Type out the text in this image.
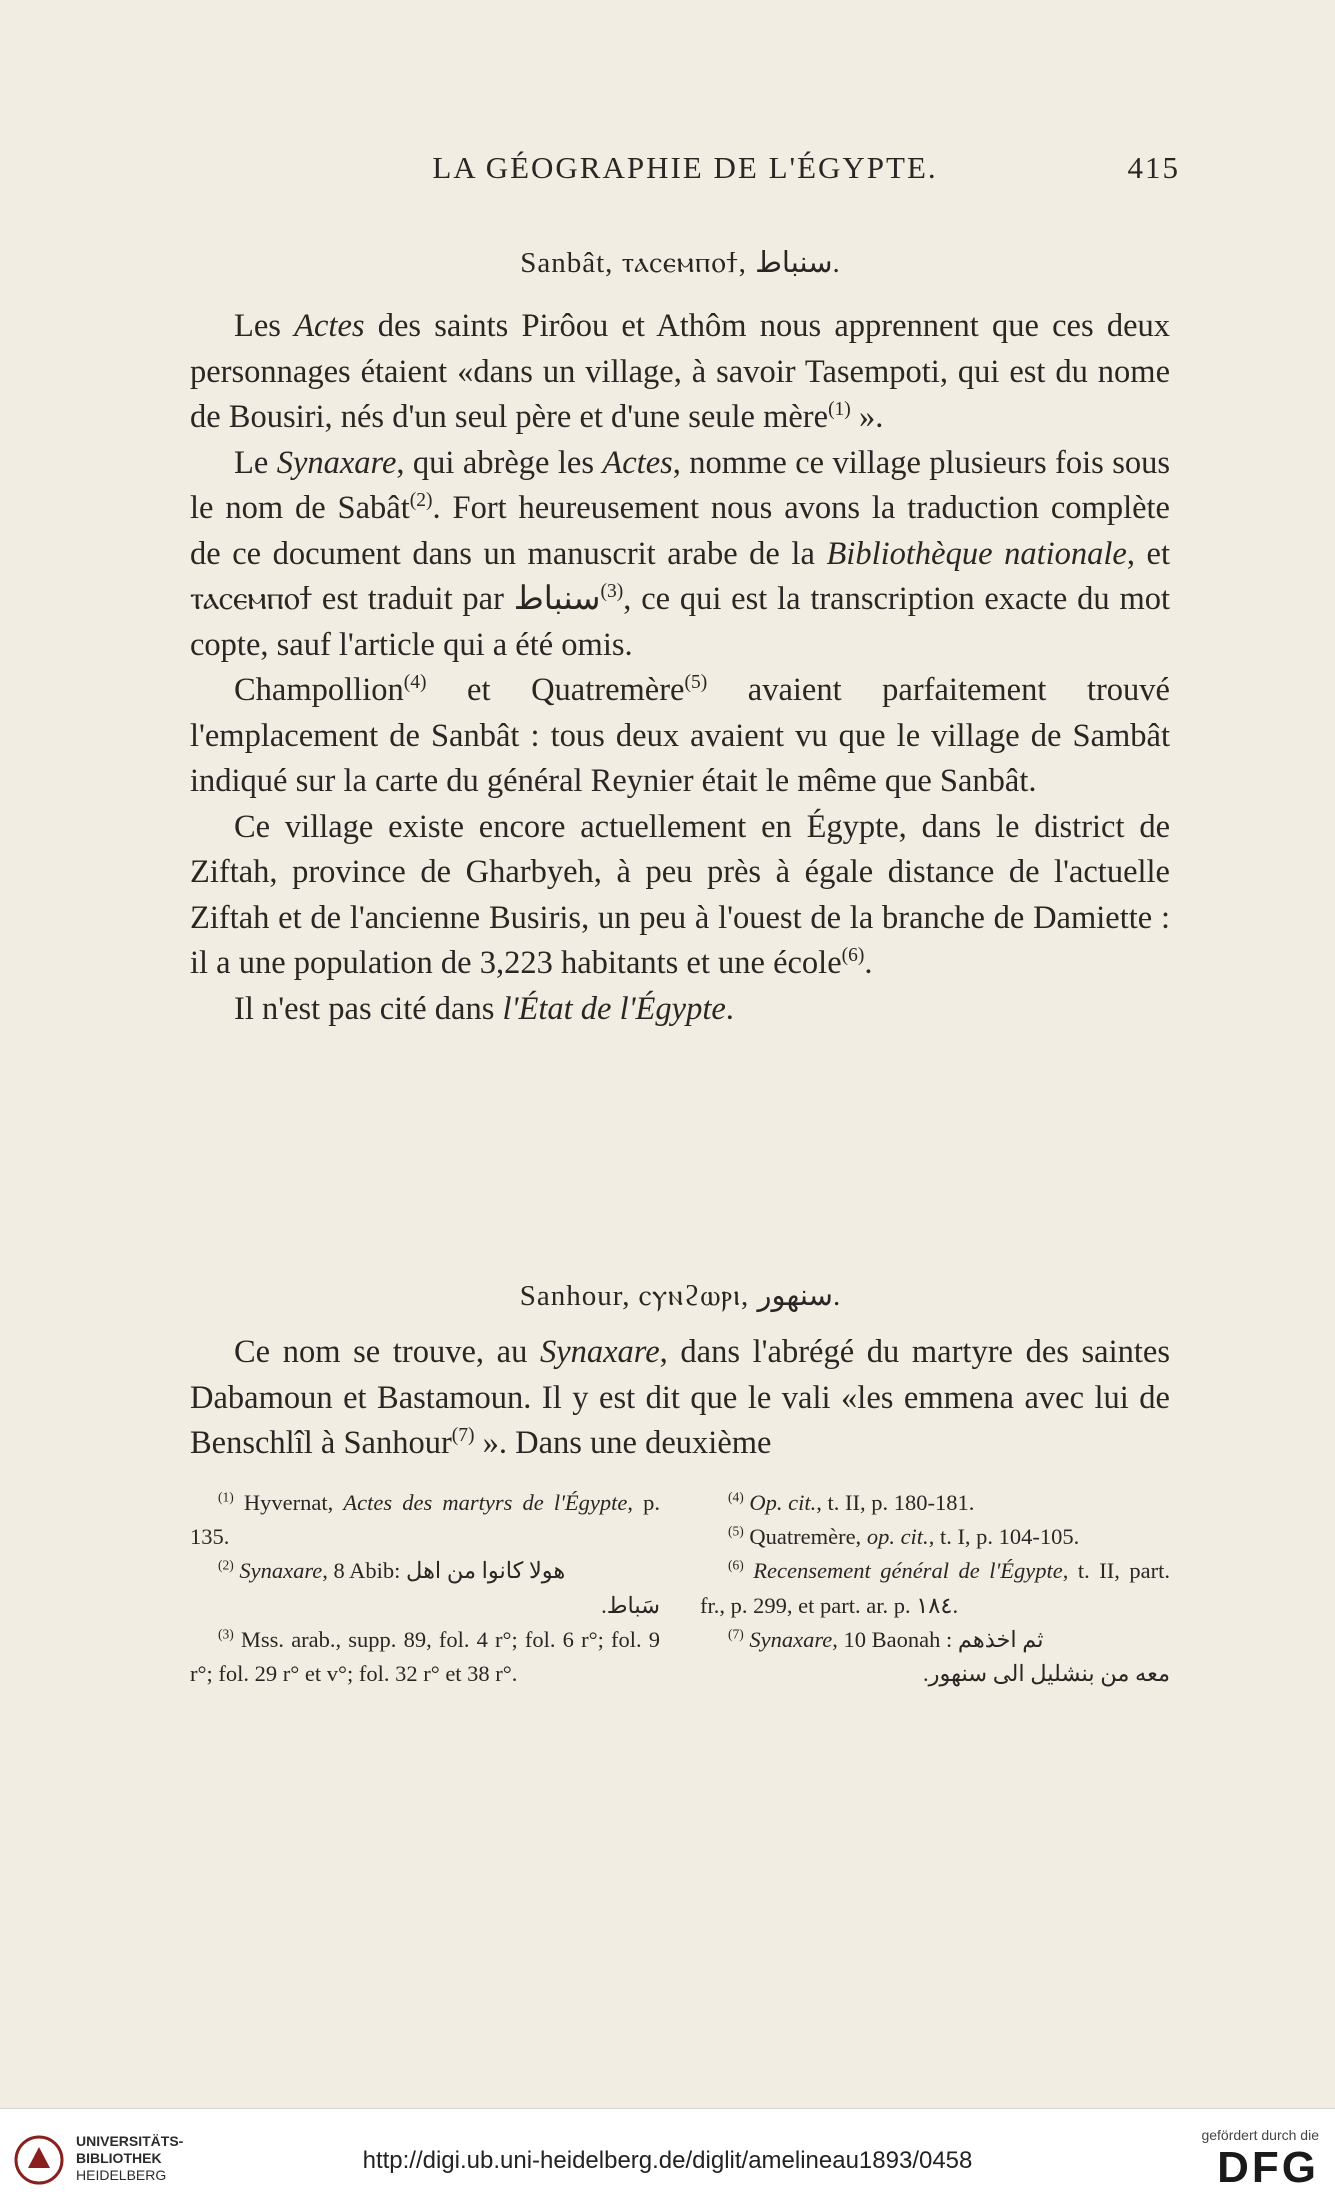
LA GÉOGRAPHIE DE L'ÉGYPTE.	415
Sanbât, ⲧⲁⲥⲉⲙⲡⲟϯ, سنباط.

Les Actes des saints Pirôou et Athôm nous apprennent que ces deux personnages étaient «dans un village, à savoir Tasempoti, qui est du nome de Bousiri, nés d'un seul père et d'une seule mère$^{(1)}$ ».

Le Synaxare, qui abrège les Actes, nomme ce village plusieurs fois sous le nom de Sabât$^{(2)}$. Fort heureusement nous avons la traduction complète de ce document dans un manuscrit arabe de la Bibliothèque nationale, et ⲧⲁⲥⲉⲙⲡⲟϯ est traduit par سنباط$^{(3)}$, ce qui est la transcription exacte du mot copte, sauf l'article qui a été omis.

Champollion$^{(4)}$ et Quatremère$^{(5)}$ avaient parfaitement trouvé l'emplacement de Sanbât : tous deux avaient vu que le village de Sambât indiqué sur la carte du général Reynier était le même que Sanbât.

Ce village existe encore actuellement en Égypte, dans le district de Ziftah, province de Gharbyeh, à peu près à égale distance de l'actuelle Ziftah et de l'ancienne Busiris, un peu à l'ouest de la branche de Damiette : il a une population de 3,223 habitants et une école$^{(6)}$.

Il n'est pas cité dans l'État de l'Égypte.

Sanhour, ⲥⲩⲛϩⲱⲣⲓ, سنهور.

Ce nom se trouve, au Synaxare, dans l'abrégé du martyre des saintes Dabamoun et Bastamoun. Il y est dit que le vali «les emmena avec lui de Benschlîl à Sanhour$^{(7)}$ ». Dans une deuxième

$^{(1)}$ Hyvernat, Actes des martyrs de l'Égypte, p. 135.

$^{(2)}$ Synaxare, 8 Abib: هولا كانوا من اهل

سَباط.

$^{(3)}$ Mss. arab., supp. 89, fol. 4 r°; fol. 6 r°; fol. 9 r°; fol. 29 r° et v°; fol. 32 r° et 38 r°.

$^{(4)}$ Op. cit., t. II, p. 180-181.

$^{(5)}$ Quatremère, op. cit., t. I, p. 104-105.

$^{(6)}$ Recensement général de l'Égypte, t. II, part. fr., p. 299, et part. ar. p. ١٨٤.

$^{(7)}$ Synaxare, 10 Baonah : ثم اخذهم

معه من بنشليل الى سنهور.

UNIVERSITÄTS-
BIBLIOTHEK
HEIDELBERG
http://digi.ub.uni-heidelberg.de/diglit/amelineau1893/0458
gefördert durch die
DFG
